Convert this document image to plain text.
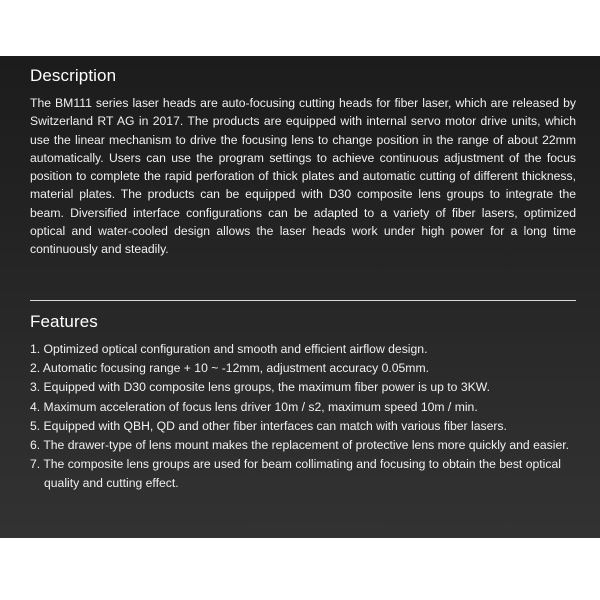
Description

The BM111 series laser heads are auto-focusing cutting heads for fiber laser, which are released by Switzerland RT AG in 2017. The products are equipped with internal servo motor drive units, which use the linear mechanism to drive the focusing lens to change position in the range of about 22mm automatically. Users can use the program settings to achieve continuous adjustment of the focus position to complete the rapid perforation of thick plates and automatic cutting of different thickness, material plates. The products can be equipped with D30 composite lens groups to integrate the beam. Diversified interface configurations can be adapted to a variety of fiber lasers, optimized optical and water-cooled design allows the laser heads work under high power for a long time continuously and steadily.

Features
1. Optimized optical configuration and smooth and efficient airflow design.
2. Automatic focusing range + 10 ~ -12mm, adjustment accuracy 0.05mm.
3. Equipped with D30 composite lens groups, the maximum fiber power is up to 3KW.
4. Maximum acceleration of focus lens driver 10m / s2, maximum speed 10m / min.
5. Equipped with QBH, QD and other fiber interfaces can match with various fiber lasers.
6. The drawer-type of lens mount makes the replacement of protective lens more quickly and easier.
7. The composite lens groups are used for beam collimating and focusing to obtain the best optical quality and cutting effect.
